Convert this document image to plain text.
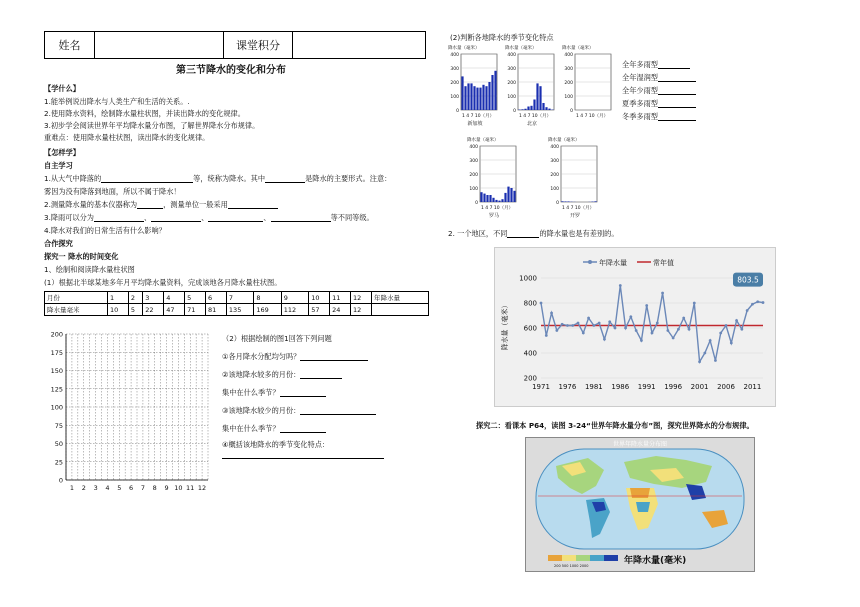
姓名		课堂积分	
第三节降水的变化和分布
【学什么】
1.能举例说出降水与人类生产和生活的关系。.
2.使用降水资料，绘制降水量柱状图，并读出降水的变化规律。
3.初步学会阅读世界年平均降水量分布图，了解世界降水分布规律。
重难点：使用降水量柱状图，读出降水的变化规律。
【怎样学】
自主学习
1.从大气中降落的	等，统称为降水。其中	是降水的主要形式。注意：
雾因为没有降落到地面，所以不属于降水！
2.测量降水量的基本仪器称为	，测量单位一般采用
3.降雨可以分为	、	、	、	等不同等级。
4.降水对我们的日常生活有什么影响？
合作探究
探究一 降水的时间变化
1、绘制和阅读降水量柱状图
(1）根据北半球某地多年月平均降水量资料，完成该地各月降水量柱状图。
月份	1	2	3	4	5	6	7	8	9	10	11	12	年降水量
降水量毫米	10	5	22	47	71	81	135	169	112	57	24	12	
200
175
150
125
100
75
50
25
0
1 2 3 4 5 6 7 8 9 10 11 12
（2）根据绘制的图1回答下列问题
①各月降水分配均匀吗？
②该地降水较多的月份：
集中在什么季节？
③该地降水较少的月份：
集中在什么季节？
④概括该地降水的季节变化特点：
(2)判断各地降水的季节变化特点
降水量（毫米）
400
300
200
100
0
1 4 7 10（月）
新加坡
降水量（毫米）
400
300
200
100
0
1 4 7 10（月）
北京
降水量（毫米）
400
300
200
100
0
1 4 7 10（月）
降水量（毫米）
400
300
200
100
0
1 4 7 10（月）
罗马
降水量（毫米）
400
300
200
100
0
1 4 7 10（月）
开罗
全年多雨型
全年湿润型
全年少雨型
夏季多雨型
冬季多雨型
2. 一个地区，不同	的降水量也是有差别的。
年降水量	常年值
1000
800
600
400
200
1971 1976 1981 1986 1991 1996 2001 2006 2011
降水量（毫米）
803.5
探究二：看课本 P64，读图 3-24“世界年降水量分布”图，探究世界降水的分布规律。
世界年降水量分布图
200 500 1000 2000	年降水量(毫米)
